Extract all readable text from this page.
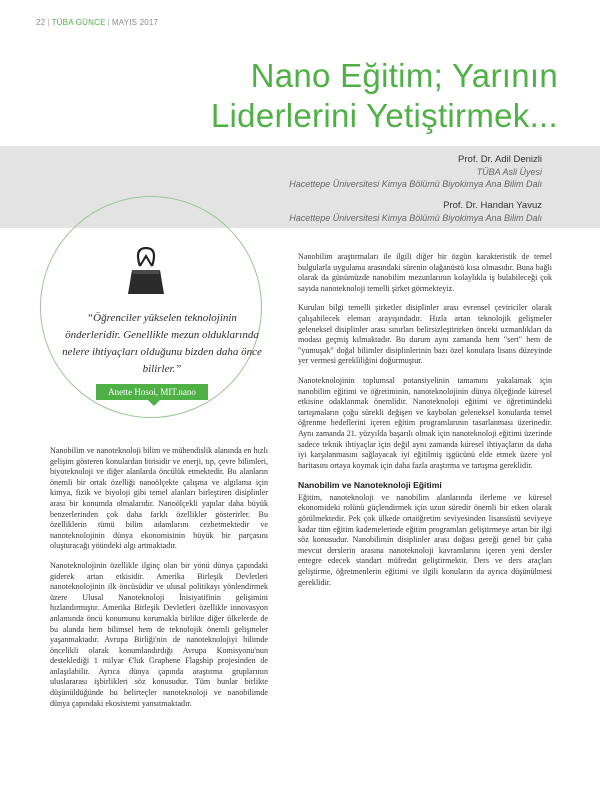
22 | TÜBA GÜNCE | MAYIS 2017
Nano Eğitim; Yarının
Liderlerini Yetiştirmek...
Prof. Dr. Adil Denizli
TÜBA Asli Üyesi
Hacettepe Üniversitesi Kimya Bölümü Biyokimya Ana Bilim Dalı
Prof. Dr. Handan Yavuz
Hacettepe Üniversitesi Kimya Bölümü Biyokimya Ana Bilim Dalı
“Öğrenciler yükselen teknolojinin önderleridir. Genellikle mezun olduklarında nelere ihtiyaçları olduğunu bizden daha önce bilirler.”
Anette Hosoi, MIT.nano

Nanobilim ve nanoteknoloji bilim ve mühendislik alanında en hızlı gelişim gösteren konulardan birisidir ve enerji, tıp, çevre bilimleri, biyoteknoloji ve diğer alanlarda öncülük etmektedir. Bu alanların önemli bir ortak özelliği nanoölçekte çalışma ve algılama için kimya, fizik ve biyoloji gibi temel alanları birleştiren disiplinler arası bir konumda olmalarıdır. Nanoölçekli yapılar daha büyük benzerlerinden çok daha farklı özellikler gösterirler. Bu özelliklerin tümü bilim adamlarını cezbetmektedir ve nanoteknolojinin dünya ekonomisinin büyük bir parçasını oluşturacağı yöündeki algı artmaktadır.

Nanoteknolojinin özellikle ilginç olan bir yönü dünya çapındaki giderek artan etkisidir. Amerika Birleşik Devletleri nanoteknolojinin ilk öncüsüdür ve ulusal politikayı yönlendirmek üzere Ulusal Nanoteknoloji İnisiyatifinin gelişimini hızlandırmıştır. Amerika Birleşik Devletleri özellikle innovasyon anlamında öncü konumunu korumakla birlikte diğer ülkelerde de bu alanda hem bilimsel hem de teknolojik önemli gelişmeler yaşanmaktadır. Avrupa Birliği'nin de nanoteknolojiyi bilimde öncelikli olarak konumlandırdığı Avrupa Komisyonu'nun desteklediği 1 milyar €'luk Graphene Flagship projesinden de anlaşılabilir. Ayrıca dünya çapında araştırma gruplarının uluslararası işbirlikleri söz konusudur. Tüm bunlar birlikte düşünüldüğünde bu belirteçler nanoteknoloji ve nanobilimde dünya çapındaki ekosistemi yansıtmaktadır.

Nanobilim araştırmaları ile ilgili diğer bir özgün karakteristik de temel bulgularla uygulama arasındaki sürenin olağanüstü kısa olmasıdır. Buna bağlı olarak da günümüzde nanobilim mezunlarının kolaylıkla iş bulabileceği çok sayıda nanoteknoloji temelli şirket görmekteyiz.

Kurulan bilgi temelli şirketler disiplinler arası evrensel çeviriciler olarak çalışabilecek eleman arayışındadır. Hızla artan teknolojik gelişmeler geleneksel disiplinler arası sınırları belirsizleştirirken önceki uzmanlıkları da modası geçmiş kılmaktadır. Bu durum aynı zamanda hem "sert" hem de "yumuşak" doğal bilimler disiplinlerinin bazı özel konulara lisans düzeyinde yer vermesi gerekliliğini doğurmuştur.

Nanoteknolojinin toplumsal potansiyelinin tamamını yakalamak için nanobilim eğitimi ve öğretiminin, nanoteknolojinin dünya ölçeğinde küresel etkisine odaklanmak önemlidir. Nanoteknoloji eğitimi ve öğretimindeki tartışmaların çoğu sürekli değişen ve kaybolan geleneksel konularda temel öğrenme hedeflerini içeren eğitim programlarının tasarlanması üzerinedir. Aynı zamanda 21. yüzyılda başarılı olmak için nanoteknoloji eğitimi üzerinde sadece teknik ihtiyaçlar için değil aynı zamanda küresel ihtiyaçların da daha iyi karşılanmasını sağlayacak iyi eğitilmiş işgücünü elde etmek üzere yol haritasını ortaya koymak için daha fazla araştırma ve tartışma gereklidir.

Nanobilim ve Nanoteknoloji Eğitimi

Eğitim, nanoteknoloji ve nanobilim alanlarında ilerleme ve küresel ekonomideki rolünü güçlendirmek için uzun süredir önemli bir etken olarak görülmektedir. Pek çok ülkede ortaöğretim seviyesinden lisansüstü seviyeye kadar tüm eğitim kademelerinde eğitim programları geliştirmeye artan bir ilgi söz konusudur. Nanobilimin disiplinler arası doğası gereği genel bir çaba mevcut derslerin arasına nanoteknoloji kavramlarını içeren yeni dersler entegre edecek standart müfredat geliştirmektir. Ders ve ders araçları geliştirme, öğretmenlerin eğitimi ve ilgili konuların da ayrıca düşünülmesi gereklidir.
